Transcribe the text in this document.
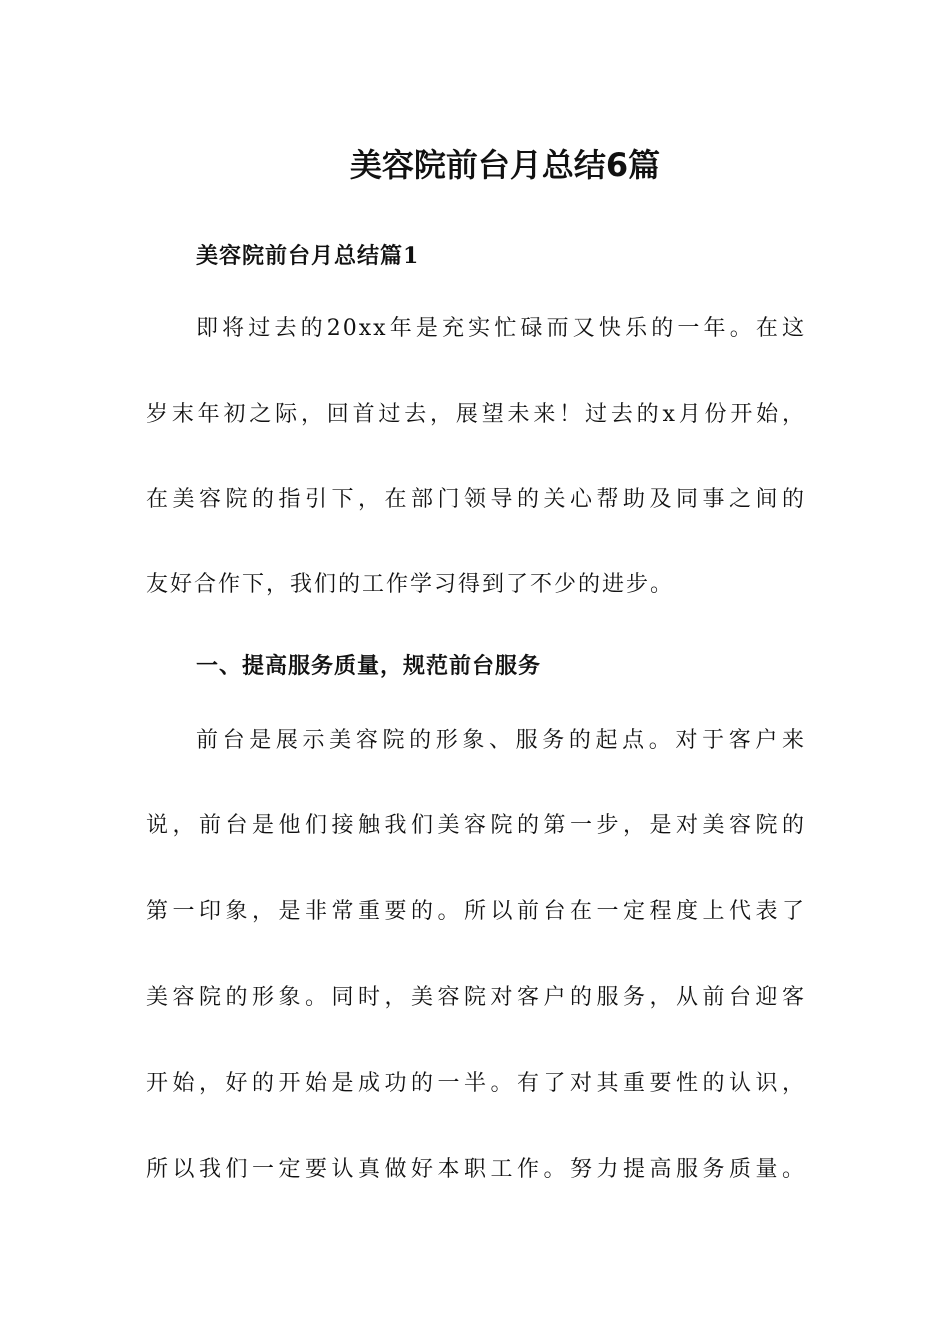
美容院前台月总结6篇
美容院前台月总结篇1
即将过去的20xx年是充实忙碌而又快乐的一年。在这
岁末年初之际，回首过去，展望未来！过去的x月份开始，
在美容院的指引下，在部门领导的关心帮助及同事之间的
友好合作下，我们的工作学习得到了不少的进步。
一、提高服务质量，规范前台服务
前台是展示美容院的形象、服务的起点。对于客户来
说，前台是他们接触我们美容院的第一步，是对美容院的
第一印象，是非常重要的。所以前台在一定程度上代表了
美容院的形象。同时，美容院对客户的服务，从前台迎客
开始，好的开始是成功的一半。有了对其重要性的认识，
所以我们一定要认真做好本职工作。努力提高服务质量。
